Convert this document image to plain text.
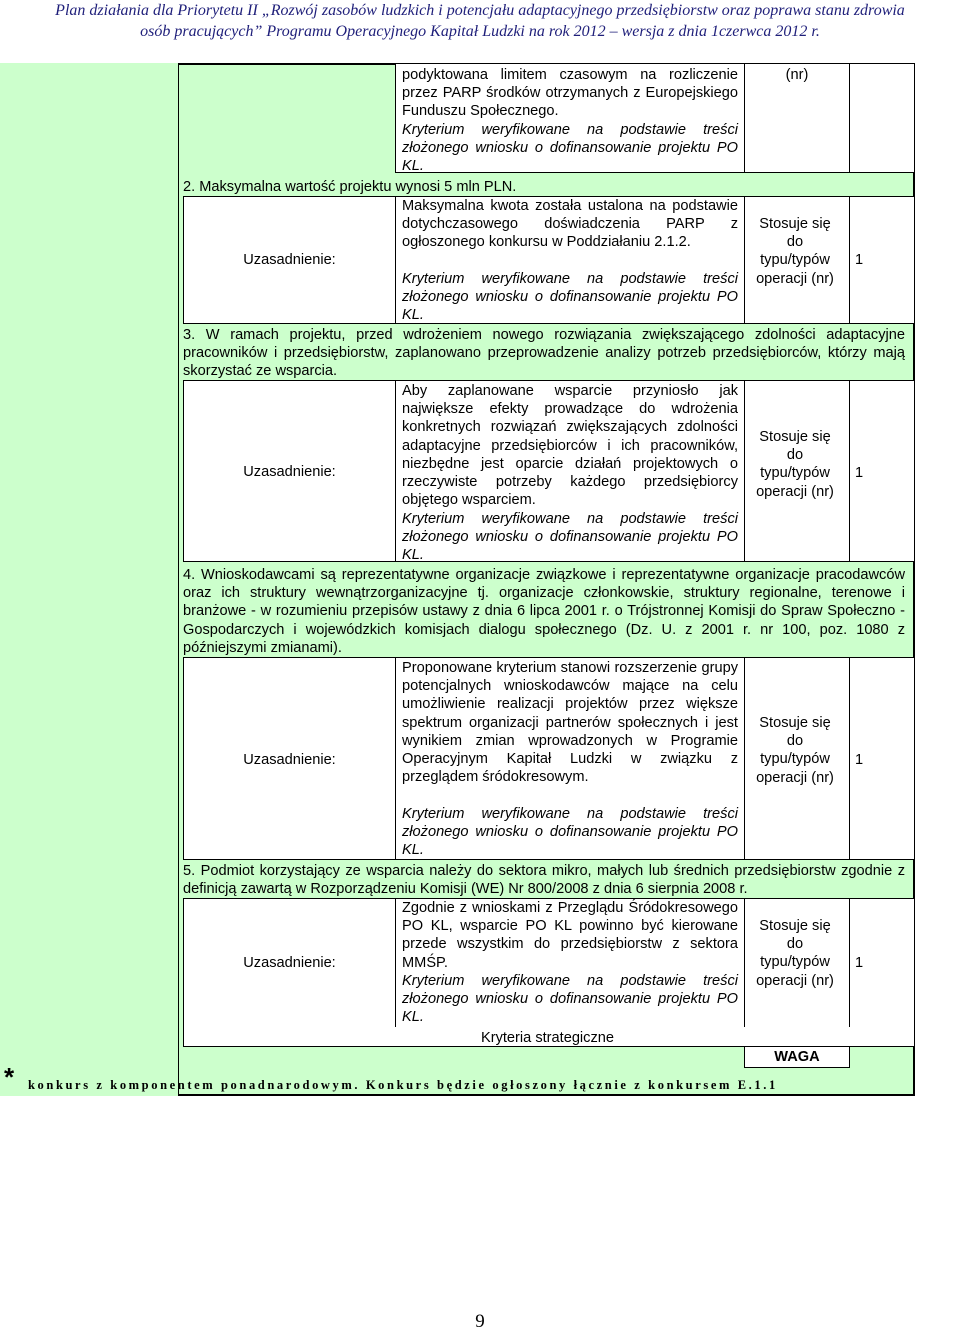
Plan działania dla Priorytetu II „Rozwój zasobów ludzkich i potencjału adaptacyjnego przedsiębiorstw oraz poprawa stanu zdrowia
osób pracujących” Programu Operacyjnego Kapitał Ludzki na rok 2012 – wersja z dnia 1czerwca 2012 r.
podyktowana limitem czasowym na rozliczenie przez PARP środków otrzymanych z Europejskiego Funduszu Społecznego.
Kryterium weryfikowane na podstawie treści złożonego wniosku o dofinansowanie projektu PO KL.
(nr)
2. Maksymalna wartość projektu wynosi 5 mln PLN.
Uzasadnienie:
Maksymalna kwota została ustalona na podstawie dotychczasowego doświadczenia PARP z ogłoszonego konkursu w Poddziałaniu 2.1.2.
Kryterium weryfikowane na podstawie treści złożonego wniosku o dofinansowanie projektu PO KL.
Stosuje się do typu/typów operacji (nr)
1
3. W ramach projektu, przed wdrożeniem nowego rozwiązania zwiększającego zdolności adaptacyjne pracowników i przedsiębiorstw, zaplanowano przeprowadzenie analizy potrzeb przedsiębiorców, którzy mają skorzystać ze wsparcia.
Uzasadnienie:
Aby zaplanowane wsparcie przyniosło jak największe efekty prowadzące do wdrożenia konkretnych rozwiązań zwiększających zdolności adaptacyjne przedsiębiorców i ich pracowników, niezbędne jest oparcie działań projektowych o rzeczywiste potrzeby każdego przedsiębiorcy objętego wsparciem.
Kryterium weryfikowane na podstawie treści złożonego wniosku o dofinansowanie projektu PO KL.
Stosuje się do typu/typów operacji (nr)
1
4. Wnioskodawcami są reprezentatywne organizacje związkowe i reprezentatywne organizacje pracodawców oraz ich struktury wewnątrzorganizacyjne tj. organizacje członkowskie, struktury regionalne, terenowe i branżowe - w rozumieniu przepisów ustawy z dnia 6 lipca 2001 r. o Trójstronnej Komisji do Spraw Społeczno - Gospodarczych i wojewódzkich komisjach dialogu społecznego (Dz. U. z 2001 r. nr 100, poz. 1080 z późniejszymi zmianami).
Uzasadnienie:
Proponowane kryterium stanowi rozszerzenie grupy potencjalnych wnioskodawców mające na celu umożliwienie realizacji projektów przez większe spektrum organizacji partnerów społecznych i jest wynikiem zmian wprowadzonych w Programie Operacyjnym Kapitał Ludzki w związku z przeglądem śródokresowym.
Kryterium weryfikowane na podstawie treści złożonego wniosku o dofinansowanie projektu PO KL.
Stosuje się do typu/typów operacji (nr)
1
5. Podmiot korzystający ze wsparcia należy do sektora mikro, małych lub średnich przedsiębiorstw zgodnie z definicją zawartą w Rozporządzeniu Komisji (WE) Nr 800/2008 z dnia 6 sierpnia 2008 r.
Uzasadnienie:
Zgodnie z wnioskami z Przeglądu Śródokresowego PO KL, wsparcie PO KL powinno być kierowane przede wszystkim do przedsiębiorstw z sektora MMŚP.
Kryterium weryfikowane na podstawie treści złożonego wniosku o dofinansowanie projektu PO KL.
Stosuje się do typu/typów operacji (nr)
1
Kryteria strategiczne
WAGA
* konkurs z komponentem ponadnarodowym. Konkurs będzie ogłoszony łącznie z konkursem E.1.1
9
